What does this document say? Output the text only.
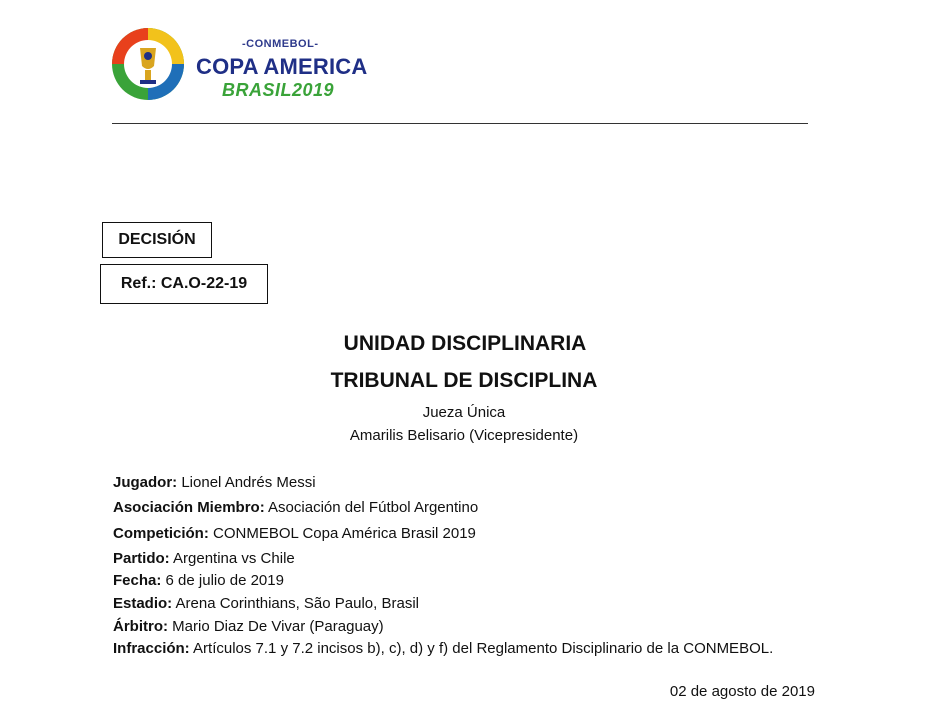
-CONMEBOL-
COPA AMERICA
BRASIL2019
DECISIÓN
Ref.: CA.O-22-19
UNIDAD DISCIPLINARIA
TRIBUNAL DE DISCIPLINA
Jueza Única
Amarilis Belisario (Vicepresidente)
Jugador: Lionel Andrés Messi
Asociación Miembro: Asociación del Fútbol Argentino
Competición: CONMEBOL Copa América Brasil 2019
Partido: Argentina vs Chile
Fecha: 6 de julio de 2019
Estadio: Arena Corinthians, São Paulo, Brasil
Árbitro: Mario Diaz De Vivar (Paraguay)
Infracción: Artículos 7.1 y 7.2 incisos b), c), d) y f) del Reglamento Disciplinario de la CONMEBOL.
02 de agosto de 2019
